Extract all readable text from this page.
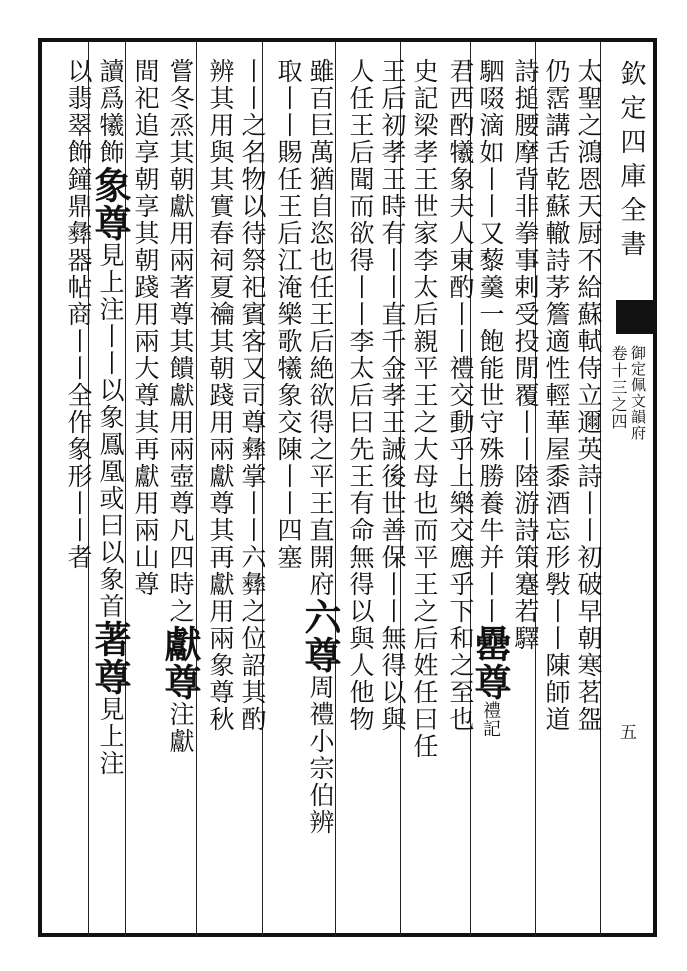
欽定四庫全書
御定佩文韻府
卷十三之四
五
太聖之鴻恩天厨不給蘇軾侍立邇英詩丨丨初破早朝寒茗盌
仍霑講舌乾蘇轍詩茅簷適性輕華屋黍酒忘形斅丨丨陳師道
詩搥腰摩背非拳事剌受投閒覆丨丨陸游詩策蹇若驛
駟啜滴如丨丨又藜羹一飽能世守殊勝養牛并丨丨罍尊禮記
君西酌犧象夫人東酌丨丨禮交動乎上樂交應乎下和之至也
史記梁孝王世家李太后親平王之大母也而平王之后姓任曰任
王后初孝王時有丨丨直千金孝王誡後世善保丨丨無得以與
人任王后聞而欲得丨丨李太后曰先王有命無得以與人他物
雖百巨萬猶自恣也任王后絶欲得之平王直開府六尊周禮小宗伯辨
取丨丨賜任王后江淹樂歌犧象交陳丨丨四塞
丨丨之名物以待祭祀賓客又司尊彝掌丨丨六彝之位詔其酌
辨其用與其實春祠夏禴其朝踐用兩獻尊其再獻用兩象尊秋
嘗冬烝其朝獻用兩著尊其饋獻用兩壺尊凡四時之獻尊注獻
間祀追享朝享其朝踐用兩大尊其再獻用兩山尊
讀爲犧飾象尊見上注丨丨以象鳳凰或曰以象首著尊見上注
以翡翠飾鐘鼎彝器帖商丨丨全作象形丨丨者
